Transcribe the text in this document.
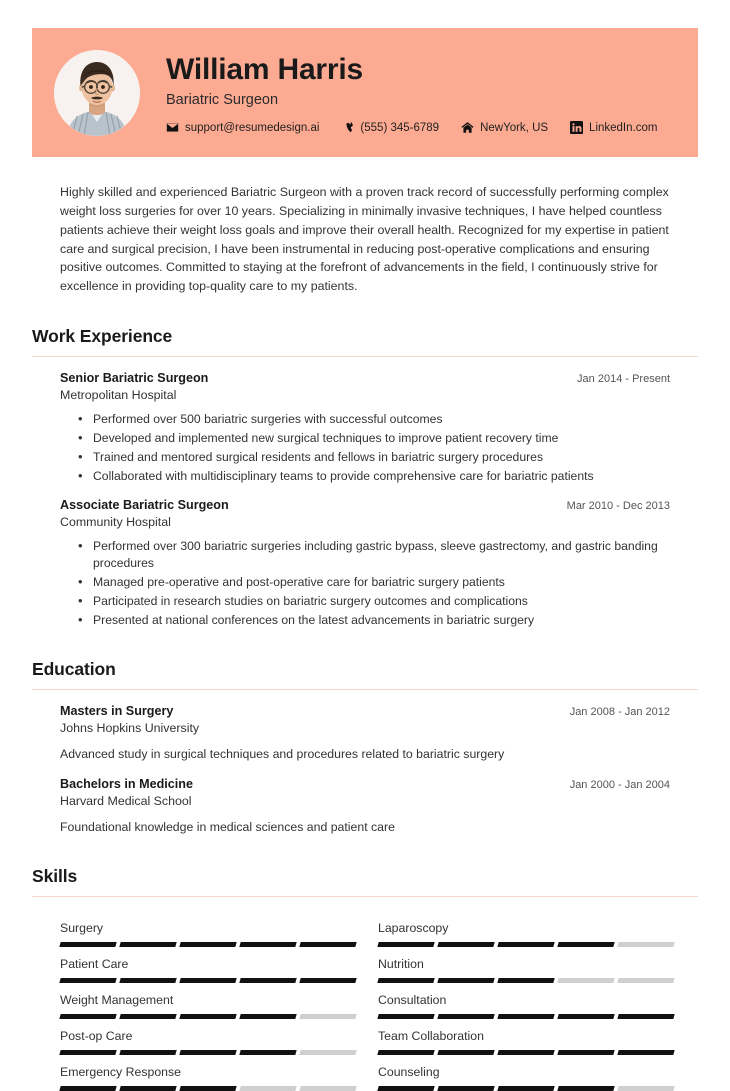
William Harris
Bariatric Surgeon
support@resumedesign.ai	(555) 345-6789	NewYork, US	LinkedIn.com

Highly skilled and experienced Bariatric Surgeon with a proven track record of successfully performing complex weight loss surgeries for over 10 years. Specializing in minimally invasive techniques, I have helped countless patients achieve their weight loss goals and improve their overall health. Recognized for my expertise in patient care and surgical precision, I have been instrumental in reducing post-operative complications and ensuring positive outcomes. Committed to staying at the forefront of advancements in the field, I continuously strive for excellence in providing top-quality care to my patients.

Work Experience
Senior Bariatric Surgeon	Jan 2014 - Present
Metropolitan Hospital
• Performed over 500 bariatric surgeries with successful outcomes
• Developed and implemented new surgical techniques to improve patient recovery time
• Trained and mentored surgical residents and fellows in bariatric surgery procedures
• Collaborated with multidisciplinary teams to provide comprehensive care for bariatric patients
Associate Bariatric Surgeon	Mar 2010 - Dec 2013
Community Hospital
• Performed over 300 bariatric surgeries including gastric bypass, sleeve gastrectomy, and gastric banding procedures
• Managed pre-operative and post-operative care for bariatric surgery patients
• Participated in research studies on bariatric surgery outcomes and complications
• Presented at national conferences on the latest advancements in bariatric surgery
Education
Masters in Surgery	Jan 2008 - Jan 2012
Johns Hopkins University
Advanced study in surgical techniques and procedures related to bariatric surgery
Bachelors in Medicine	Jan 2000 - Jan 2004
Harvard Medical School
Foundational knowledge in medical sciences and patient care
Skills
Surgery	Laparoscopy
Patient Care	Nutrition
Weight Management	Consultation
Post-op Care	Team Collaboration
Emergency Response	Counseling
